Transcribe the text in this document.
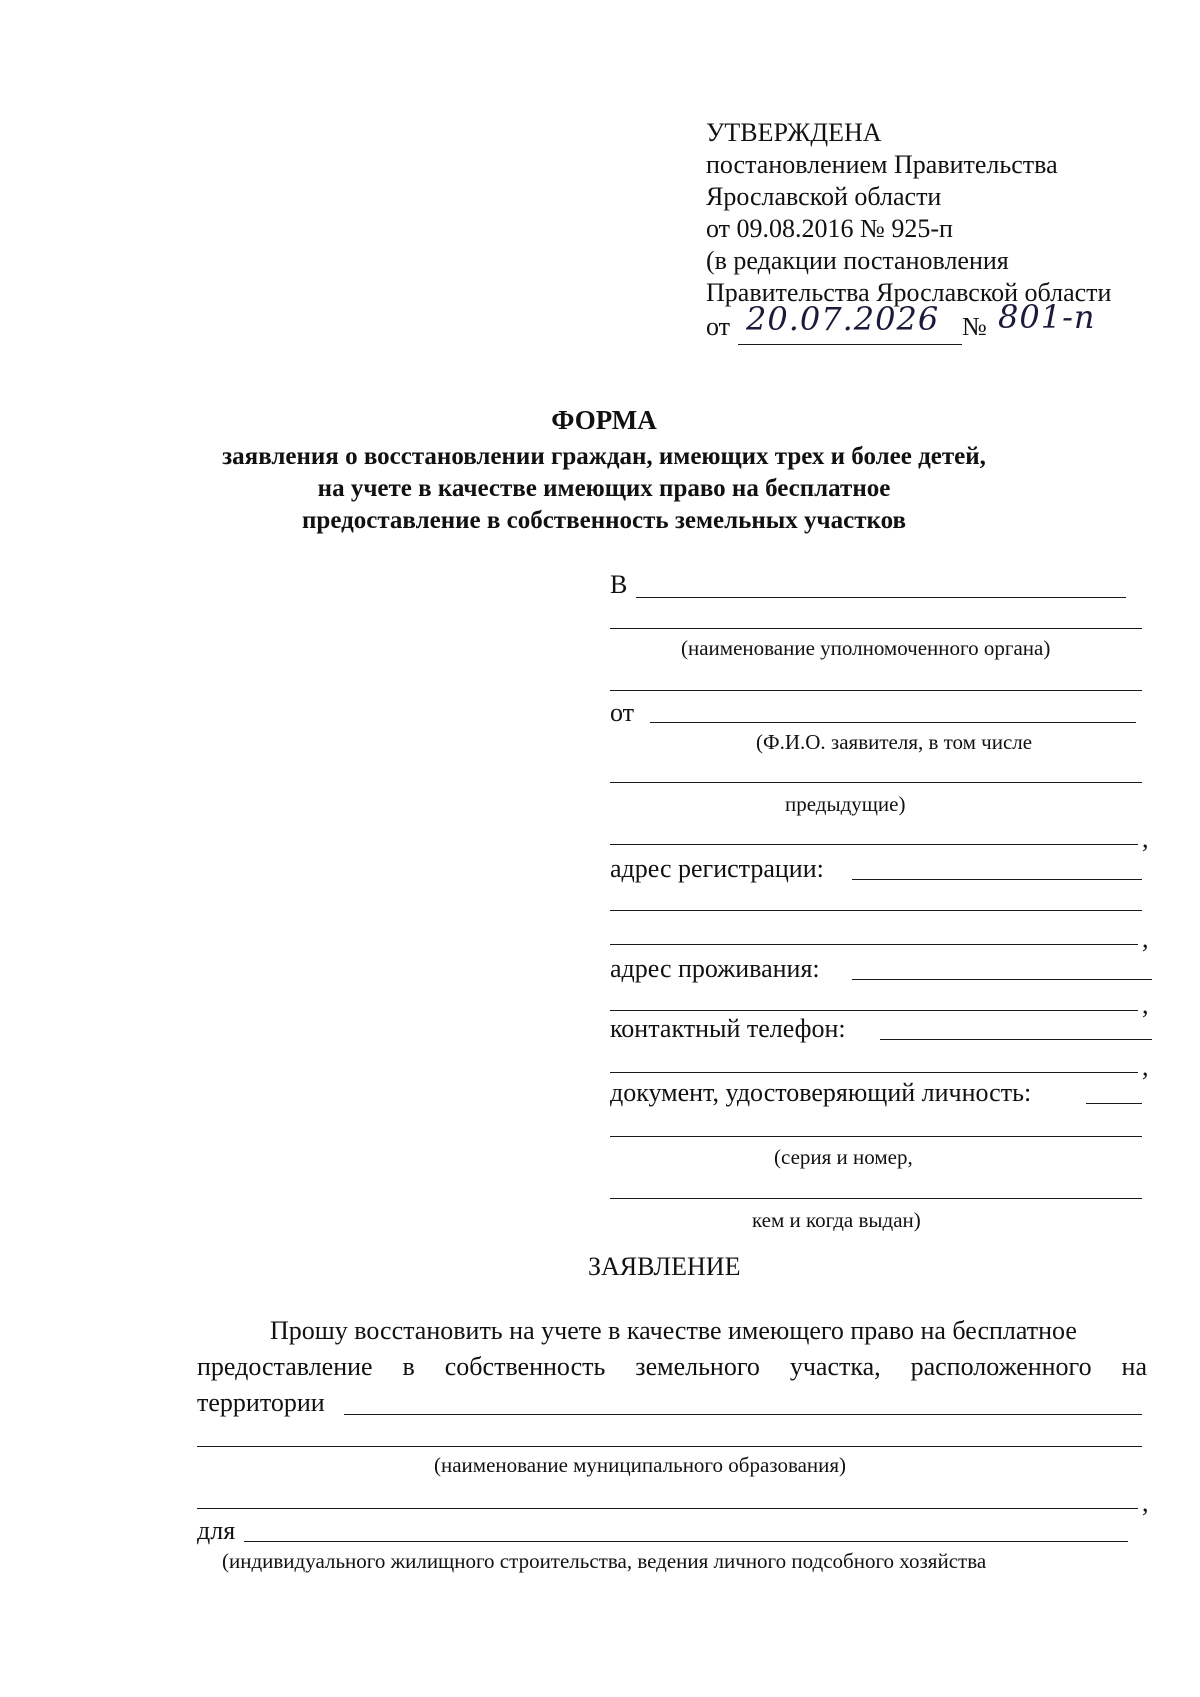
УТВЕРЖДЕНА
постановлением Правительства
Ярославской области
от 09.08.2016 № 925-п
(в редакции постановления
Правительства Ярославской области
от 20.07.2026 № 801-п
ФОРМА
заявления о восстановлении граждан, имеющих трех и более детей,
на учете в качестве имеющих право на бесплатное
предоставление в собственность земельных участков
В
(наименование уполномоченного органа)
от
(Ф.И.О. заявителя, в том числе
предыдущие)
,
адрес регистрации:
,
адрес проживания:
,
контактный телефон:
,
документ, удостоверяющий личность:
(серия и номер,
кем и когда выдан)
ЗАЯВЛЕНИЕ
Прошу восстановить на учете в качестве имеющего право на бесплатное
предоставление в собственность земельного участка, расположенного на
территории
(наименование муниципального образования)
,
для
(индивидуального жилищного строительства, ведения личного подсобного хозяйства
